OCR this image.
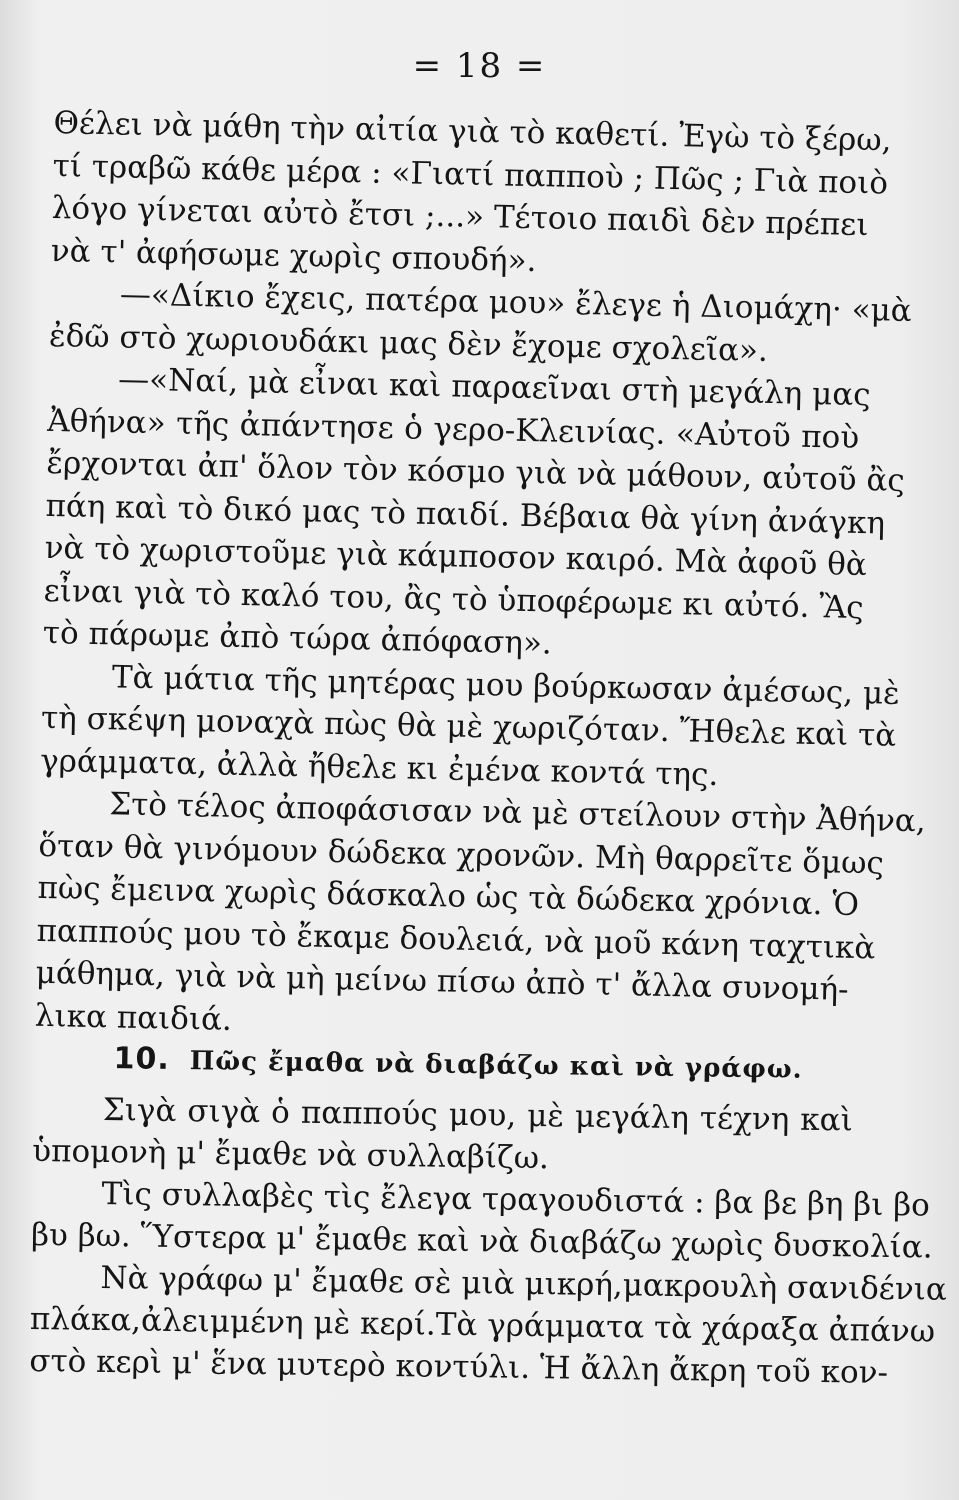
= 18 =
Θέλει νὰ μάθη τὴν αἰτία γιὰ τὸ καθετί. Ἐγὼ τὸ ξέρω,
τί τραβῶ κάθε μέρα : «Γιατί παπποὺ ; Πῶς ; Γιὰ ποιὸ
λόγο γίνεται αὐτὸ ἔτσι ;...» Τέτοιο παιδὶ δὲν πρέπει
νὰ τ' ἀφήσωμε χωρὶς σπουδή».
—«Δίκιο ἔχεις, πατέρα μου» ἔλεγε ἡ Διομάχη· «μὰ
ἐδῶ στὸ χωριουδάκι μας δὲν ἔχομε σχολεῖα».
—«Ναί, μὰ εἶναι καὶ παραεῖναι στὴ μεγάλη μας
Ἀθήνα» τῆς ἀπάντησε ὁ γερο-Κλεινίας. «Αὐτοῦ ποὺ
ἔρχονται ἀπ' ὅλον τὸν κόσμο γιὰ νὰ μάθουν, αὐτοῦ ἂς
πάη καὶ τὸ δικό μας τὸ παιδί. Βέβαια θὰ γίνη ἀνάγκη
νὰ τὸ χωριστοῦμε γιὰ κάμποσον καιρό. Μὰ ἀφοῦ θὰ
εἶναι γιὰ τὸ καλό του, ἂς τὸ ὑποφέρωμε κι αὐτό. Ἂς
τὸ πάρωμε ἀπὸ τώρα ἀπόφαση».
Τὰ μάτια τῆς μητέρας μου βούρκωσαν ἀμέσως, μὲ
τὴ σκέψη μοναχὰ πὼς θὰ μὲ χωριζόταν. Ἤθελε καὶ τὰ
γράμματα, ἀλλὰ ἤθελε κι ἐμένα κοντά της.
Στὸ τέλος ἀποφάσισαν νὰ μὲ στείλουν στὴν Ἀθήνα,
ὅταν θὰ γινόμουν δώδεκα χρονῶν. Μὴ θαρρεῖτε ὅμως
πὼς ἔμεινα χωρὶς δάσκαλο ὡς τὰ δώδεκα χρόνια. Ὁ
παππούς μου τὸ ἔκαμε δουλειά, νὰ μοῦ κάνη ταχτικὰ
μάθημα, γιὰ νὰ μὴ μείνω πίσω ἀπὸ τ' ἄλλα συνομή-
λικα παιδιά.
10. Πῶς ἔμαθα νὰ διαβάζω καὶ νὰ γράφω.
Σιγὰ σιγὰ ὁ παππούς μου, μὲ μεγάλη τέχνη καὶ
ὑπομονὴ μ' ἔμαθε νὰ συλλαβίζω.
Τὶς συλλαβὲς τὶς ἔλεγα τραγουδιστά : βα βε βη βι βο
βυ βω. Ὕστερα μ' ἔμαθε καὶ νὰ διαβάζω χωρὶς δυσκολία.
Νὰ γράφω μ' ἔμαθε σὲ μιὰ μικρή,μακρουλὴ σανιδένια
πλάκα,ἀλειμμένη μὲ κερί.Τὰ γράμματα τὰ χάραξα ἀπάνω
στὸ κερὶ μ' ἕνα μυτερὸ κοντύλι. Ἡ ἄλλη ἄκρη τοῦ κον-
